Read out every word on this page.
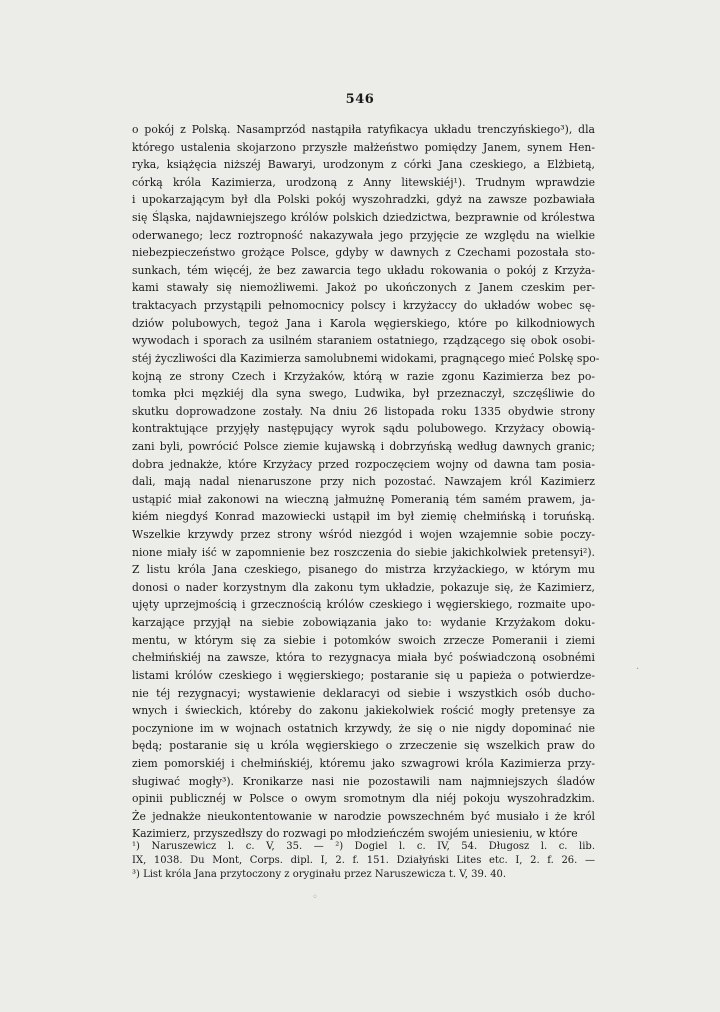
546
o pokój z Polską. Nasamprzód nastąpiła ratyfikacya układu trenczyńskiego³), dla
którego ustalenia skojarzono przyszłe małżeństwo pomiędzy Janem, synem Hen-
ryka, książęcia niższéj Bawaryi, urodzonym z córki Jana czeskiego, a Elżbietą,
córką króla Kazimierza, urodzoną z Anny litewskiéj¹). Trudnym wprawdzie
i upokarzającym był dla Polski pokój wyszohradzki, gdyż na zawsze pozbawiała
się Śląska, najdawniejszego królów polskich dziedzictwa, bezprawnie od królestwa
oderwanego; lecz roztropność nakazywała jego przyjęcie ze względu na wielkie
niebezpieczeństwo grożące Polsce, gdyby w dawnych z Czechami pozostała sto-
sunkach, tém więcéj, że bez zawarcia tego układu rokowania o pokój z Krzyża-
kami stawały się niemożliwemi. Jakoż po ukończonych z Janem czeskim per-
traktacyach przystąpili pełnomocnicy polscy i krzyżaccy do układów wobec sę-
dziów polubowych, tegoż Jana i Karola węgierskiego, które po kilkodniowych
wywodach i sporach za usilném staraniem ostatniego, rządzącego się obok osobi-
stéj życzliwości dla Kazimierza samolubnemi widokami, pragnącego mieć Polskę spo-
kojną ze strony Czech i Krzyżaków, którą w razie zgonu Kazimierza bez po-
tomka płci męzkiéj dla syna swego, Ludwika, był przeznaczył, szczęśliwie do
skutku doprowadzone zostały. Na dniu 26 listopada roku 1335 obydwie strony
kontraktujące przyjęły następujący wyrok sądu polubowego. Krzyżacy obowią-
zani byli, powrócić Polsce ziemie kujawską i dobrzyńską według dawnych granic;
dobra jednakże, które Krzyżacy przed rozpoczęciem wojny od dawna tam posia-
dali, mają nadal nienaruszone przy nich pozostać. Nawzajem król Kazimierz
ustąpić miał zakonowi na wieczną jałmużnę Pomeranią tém samém prawem, ja-
kiém niegdyś Konrad mazowiecki ustąpił im był ziemię chełmińską i toruńską.
Wszelkie krzywdy przez strony wśród niezgód i wojen wzajemnie sobie poczy-
nione miały iść w zapomnienie bez roszczenia do siebie jakichkolwiek pretensyi²).
Z listu króla Jana czeskiego, pisanego do mistrza krzyżackiego, w którym mu
donosi o nader korzystnym dla zakonu tym układzie, pokazuje się, że Kazimierz,
ujęty uprzejmością i grzecznością królów czeskiego i węgierskiego, rozmaite upo-
karzające przyjął na siebie zobowiązania jako to: wydanie Krzyżakom doku-
mentu, w którym się za siebie i potomków swoich zrzecze Pomeranii i ziemi
chełmińskiéj na zawsze, która to rezygnacya miała być poświadczoną osobnémi
listami królów czeskiego i węgierskiego; postaranie się u papieża o potwierdze-
nie téj rezygnacyi; wystawienie deklaracyi od siebie i wszystkich osób ducho-
wnych i świeckich, któreby do zakonu jakiekolwiek rościć mogły pretensye za
poczynione im w wojnach ostatnich krzywdy, że się o nie nigdy dopominać nie
będą; postaranie się u króla węgierskiego o zrzeczenie się wszelkich praw do
ziem pomorskiéj i chełmińskiéj, któremu jako szwagrowi króla Kazimierza przy-
sługiwać mogły³). Kronikarze nasi nie pozostawili nam najmniejszych śladów
opinii publicznéj w Polsce o owym sromotnym dla niéj pokoju wyszohradzkim.
Że jednakże nieukontentowanie w narodzie powszechném być musiało i że król
Kazimierz, przyszedłszy do rozwagi po młodzieńczém swojém uniesieniu, w które
¹) Naruszewicz l. c. V, 35. — ²) Dogiel l. c. IV, 54. Długosz l. c. lib.
IX, 1038. Du Mont, Corps. dipl. I, 2. f. 151. Działyński Lites etc. I, 2. f. 26. —
³) List króla Jana przytoczony z oryginału przez Naruszewicza t. V, 39. 40.
·
◦
